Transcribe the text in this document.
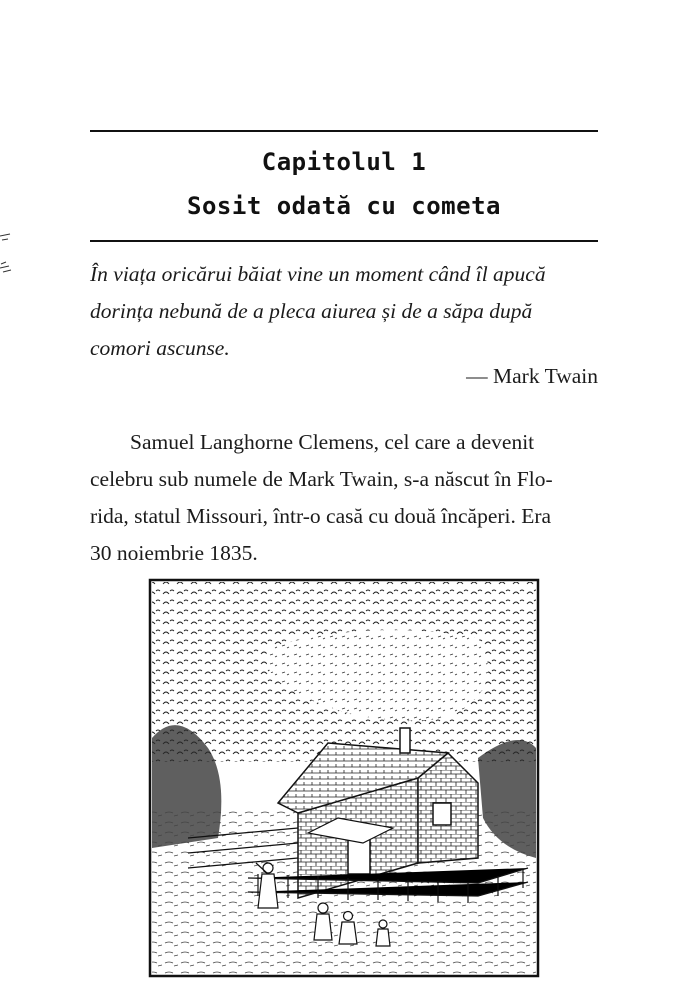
Capitolul 1
Sosit odată cu cometa
În viața oricărui băiat vine un moment când îl apucă
dorința nebună de a pleca aiurea și de a săpa după
comori ascunse.
— Mark Twain
Samuel Langhorne Clemens, cel care a devenit
celebru sub numele de Mark Twain, s-a născut în Flo-
rida, statul Missouri, într-o casă cu două încăperi. Era
30 noiembrie 1835.
